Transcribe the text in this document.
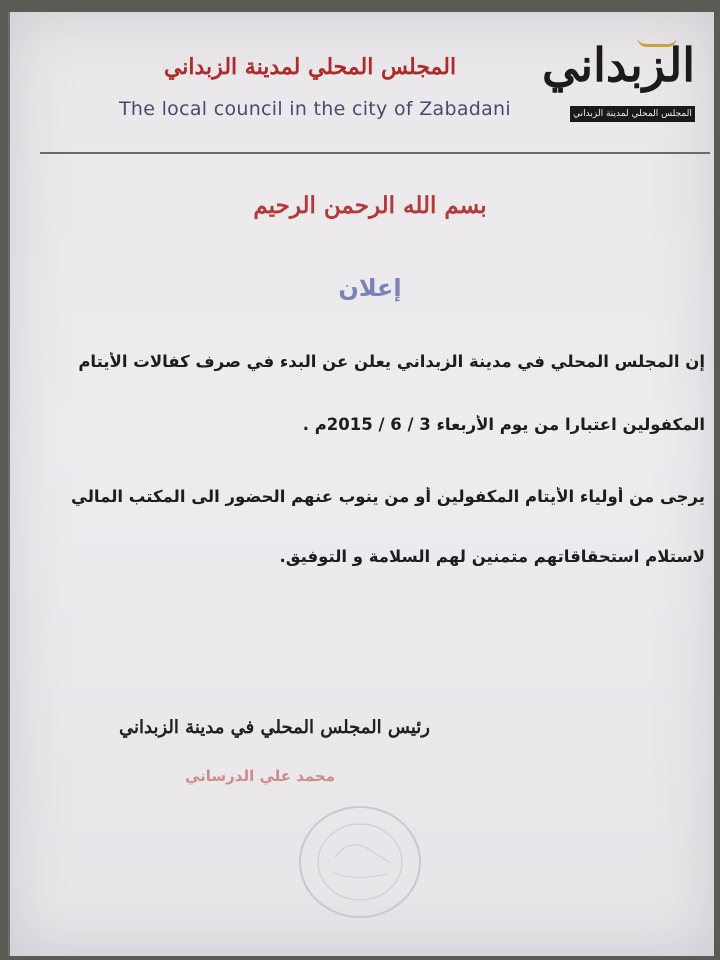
الزبداني
المجلس المحلي لمدينة الزبداني
المجلس المحلي لمدينة الزبداني
The local council in the city of Zabadani
بسم الله الرحمن الرحيم
إعلان
إن المجلس المحلي في مدينة الزبداني يعلن عن البدء في صرف كفالات الأيتام
المكفولين اعتبارا من يوم الأربعاء 3 / 6 / 2015م .
يرجى من أولياء الأيتام المكفولين أو من ينوب عنهم الحضور الى المكتب المالي
لاستلام استحقاقاتهم متمنين لهم السلامة و التوفيق.
رئيس المجلس المحلي في مدينة الزبداني
محمد علي الدرساني
